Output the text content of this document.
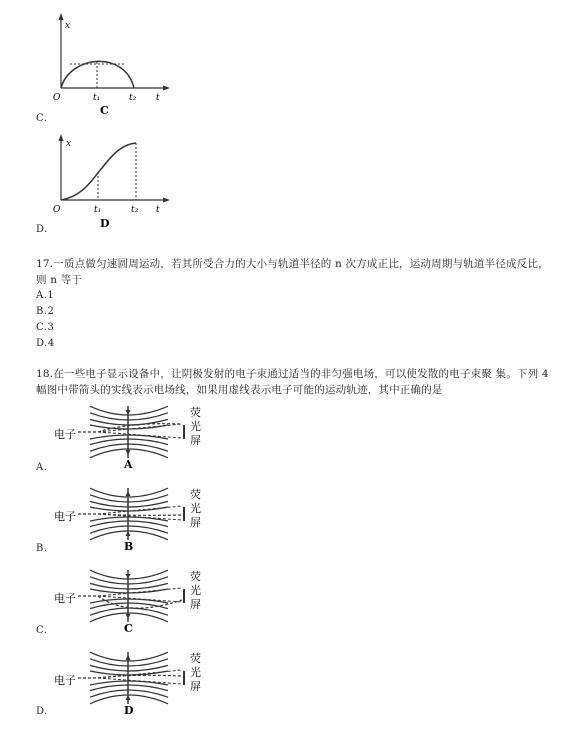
x
O	t₁	t₂ t
C
C.
x
O	t₁	t₂ t
D
D.
17.一质点做匀速圆周运动，若其所受合力的大小与轨道半径的 n 次方成正比，运动周期与轨道半径成反比，
则 n 等于
A.1
B.2
C.3
D.4
18.在一些电子显示设备中，让阴极发射的电子束通过适当的非匀强电场，可以使发散的电子束聚 集。下列 4
幅图中带箭头的实线表示电场线，如果用虚线表示电子可能的运动轨迹，其中正确的是
电子
荧
光
屏
A
A.
电子
荧
光
屏
B
B.
电子
荧
光
屏
C
C.
电子
荧
光
屏
D
D.
